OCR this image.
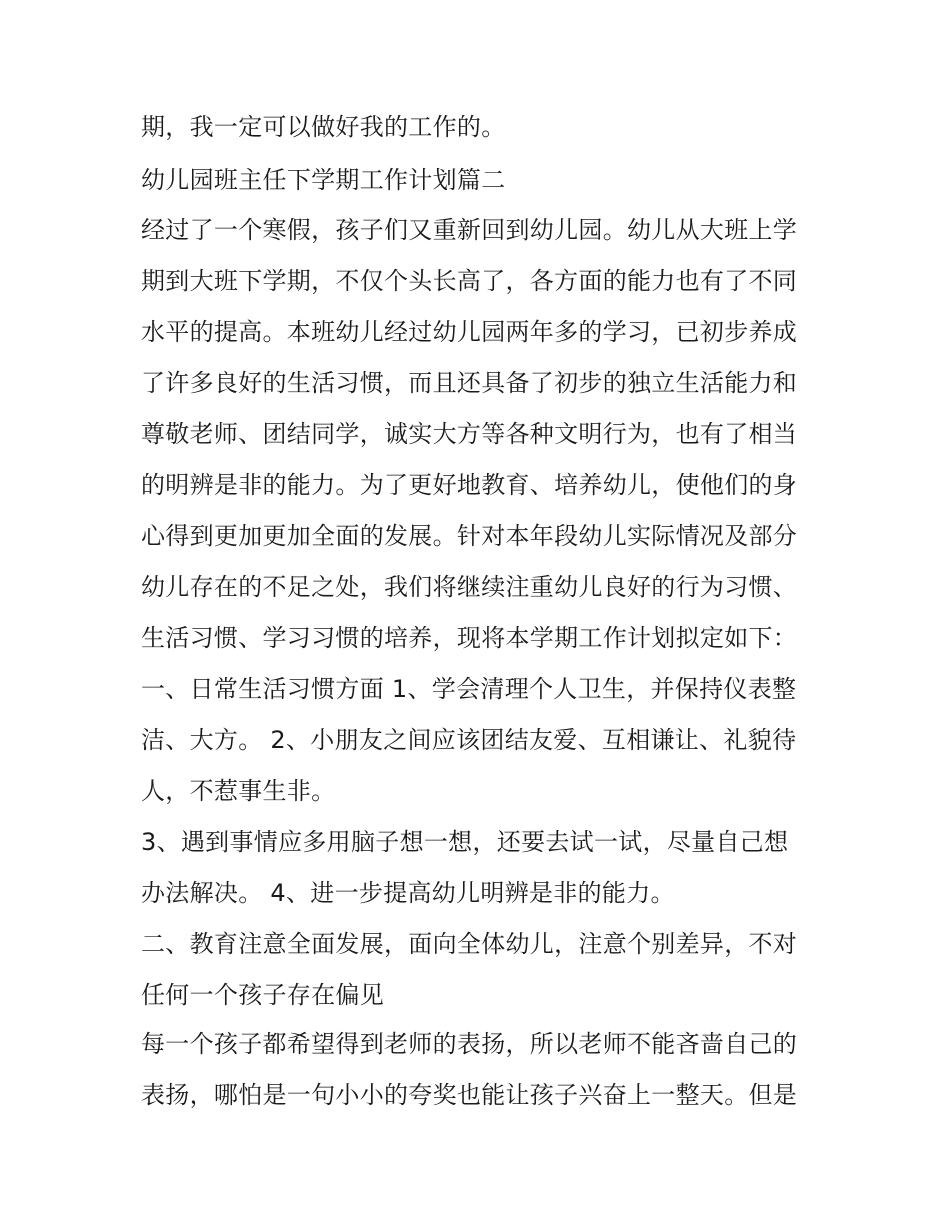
期，我一定可以做好我的工作的。
幼儿园班主任下学期工作计划篇二
经过了一个寒假，孩子们又重新回到幼儿园。幼儿从大班上学
期到大班下学期，不仅个头长高了，各方面的能力也有了不同
水平的提高。本班幼儿经过幼儿园两年多的学习，已初步养成
了许多良好的生活习惯，而且还具备了初步的独立生活能力和
尊敬老师、团结同学，诚实大方等各种文明行为，也有了相当
的明辨是非的能力。为了更好地教育、培养幼儿，使他们的身
心得到更加更加全面的发展。针对本年段幼儿实际情况及部分
幼儿存在的不足之处，我们将继续注重幼儿良好的行为习惯、
生活习惯、学习习惯的培养，现将本学期工作计划拟定如下：
一、日常生活习惯方面 1、学会清理个人卫生，并保持仪表整
洁、大方。 2、小朋友之间应该团结友爱、互相谦让、礼貌待
人，不惹事生非。
3、遇到事情应多用脑子想一想，还要去试一试，尽量自己想
办法解决。 4、进一步提高幼儿明辨是非的能力。
二、教育注意全面发展，面向全体幼儿，注意个别差异，不对
任何一个孩子存在偏见
每一个孩子都希望得到老师的表扬，所以老师不能吝啬自己的
表扬，哪怕是一句小小的夸奖也能让孩子兴奋上一整天。但是
